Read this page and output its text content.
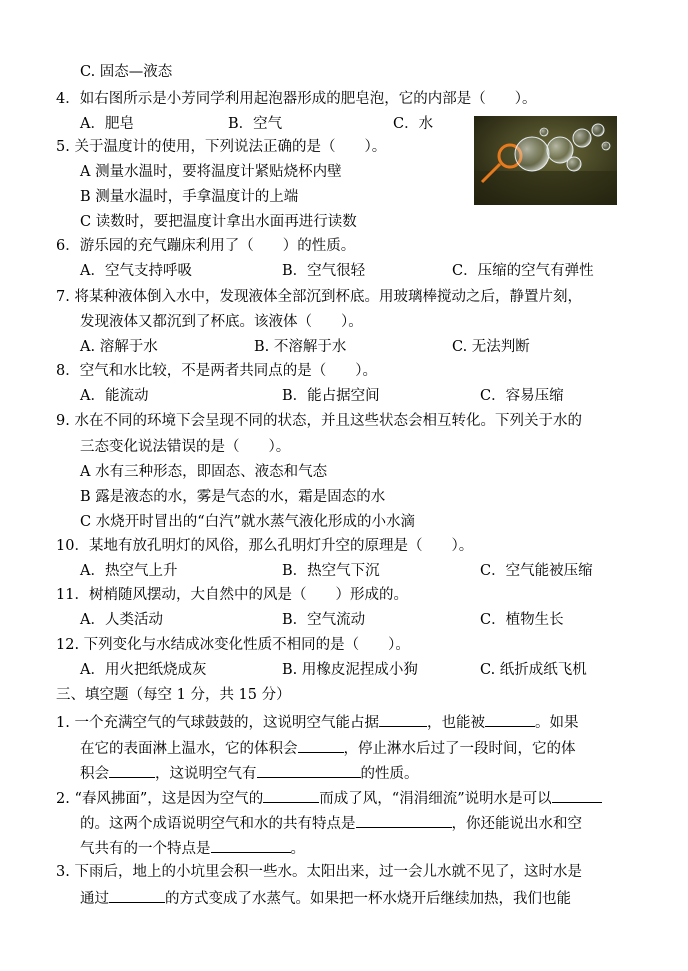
C. 固态—液态
4．如右图所示是小芳同学利用起泡器形成的肥皂泡，它的内部是（　　）。
A．肥皂	B．空气	C．水
5. 关于温度计的使用，下列说法正确的是（　　）。
A 测量水温时，要将温度计紧贴烧杯内壁
B 测量水温时，手拿温度计的上端
C 读数时，要把温度计拿出水面再进行读数
6．游乐园的充气蹦床利用了（　　）的性质。
A．空气支持呼吸	B．空气很轻	C．压缩的空气有弹性
7. 将某种液体倒入水中，发现液体全部沉到杯底。用玻璃棒搅动之后，静置片刻，
发现液体又都沉到了杯底。该液体（　　）。
A. 溶解于水	B. 不溶解于水	C. 无法判断
8．空气和水比较，不是两者共同点的是（　　）。
A．能流动	B．能占据空间	C．容易压缩
9. 水在不同的环境下会呈现不同的状态，并且这些状态会相互转化。下列关于水的
三态变化说法错误的是（　　）。
A 水有三种形态，即固态、液态和气态
B 露是液态的水，雾是气态的水，霜是固态的水
C 水烧开时冒出的“白汽”就水蒸气液化形成的小水滴
10．某地有放孔明灯的风俗，那么孔明灯升空的原理是（　　）。
A．热空气上升	B．热空气下沉	C．空气能被压缩
11．树梢随风摆动，大自然中的风是（　　）形成的。
A．人类活动	B．空气流动	C．植物生长
12. 下列变化与水结成冰变化性质不相同的是（　　）。
A．用火把纸烧成灰	B. 用橡皮泥捏成小狗	C. 纸折成纸飞机
三、填空题（每空 1 分，共 15 分）
1. 一个充满空气的气球鼓鼓的，这说明空气能占据	，也能被	。如果
在它的表面淋上温水，它的体积会	，停止淋水后过了一段时间，它的体
积会	，这说明空气有	的性质。
2. “春风拂面”，这是因为空气的	而成了风，“涓涓细流”说明水是可以
的。这两个成语说明空气和水的共有特点是	，你还能说出水和空
气共有的一个特点是	。
3. 下雨后，地上的小坑里会积一些水。太阳出来，过一会儿水就不见了，这时水是
通过	的方式变成了水蒸气。如果把一杯水烧开后继续加热，我们也能
